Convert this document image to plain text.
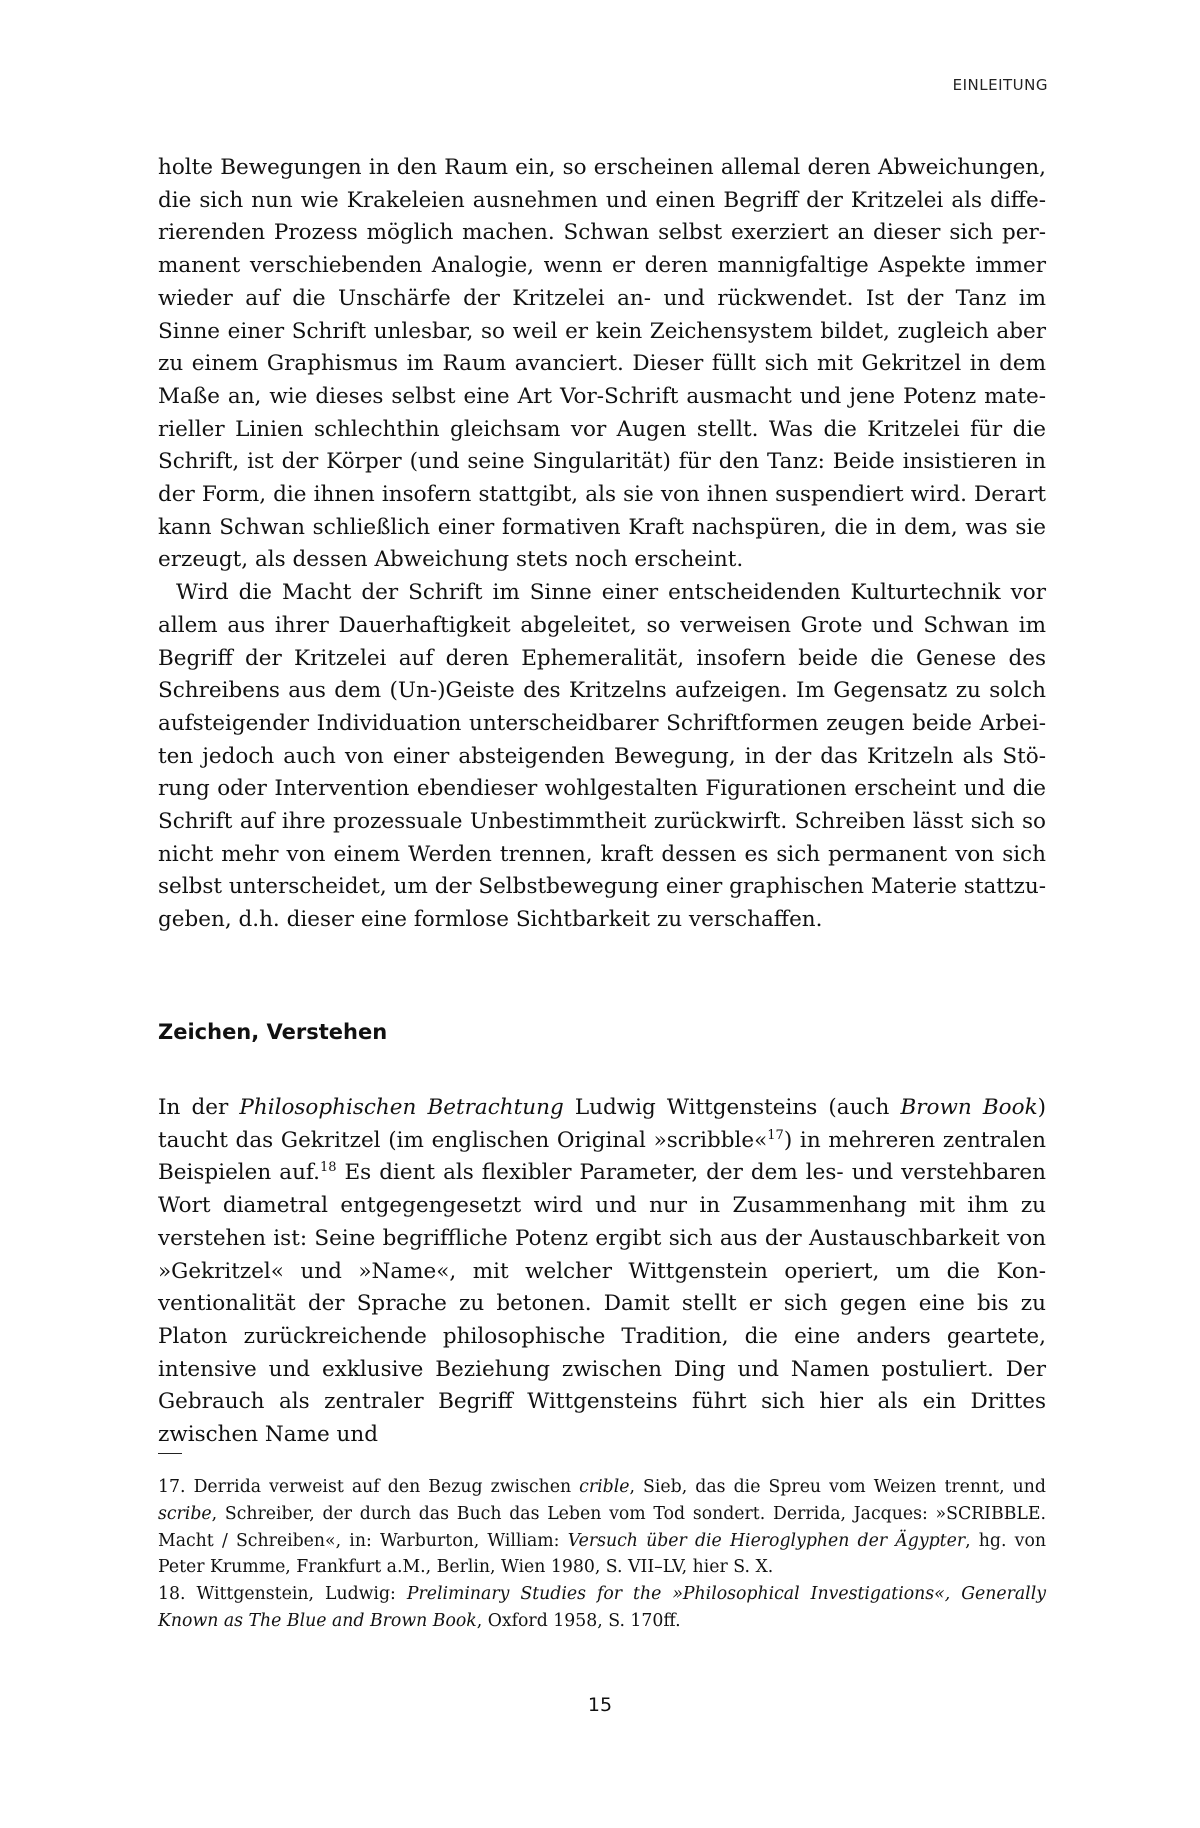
EINLEITUNG

holte Bewegungen in den Raum ein, so erscheinen allemal deren Abweichungen, die sich nun wie Krakeleien ausnehmen und einen Begriff der Kritzelei als differierenden Prozess möglich machen. Schwan selbst exerziert an dieser sich permanent verschiebenden Analogie, wenn er deren mannigfaltige Aspekte immer wieder auf die Unschärfe der Kritzelei an- und rückwendet. Ist der Tanz im Sinne einer Schrift unlesbar, so weil er kein Zeichensystem bildet, zugleich aber zu einem Graphismus im Raum avanciert. Dieser füllt sich mit Gekritzel in dem Maße an, wie dieses selbst eine Art Vor-Schrift ausmacht und jene Potenz materieller Linien schlechthin gleichsam vor Augen stellt. Was die Kritzelei für die Schrift, ist der Körper (und seine Singularität) für den Tanz: Beide insistieren in der Form, die ihnen insofern stattgibt, als sie von ihnen suspendiert wird. Derart kann Schwan schließlich einer formativen Kraft nachspüren, die in dem, was sie erzeugt, als dessen Abweichung stets noch erscheint.

Wird die Macht der Schrift im Sinne einer entscheidenden Kulturtechnik vor allem aus ihrer Dauerhaftigkeit abgeleitet, so verweisen Grote und Schwan im Begriff der Kritzelei auf deren Ephemeralität, insofern beide die Genese des Schreibens aus dem (Un-)Geiste des Kritzelns aufzeigen. Im Gegensatz zu solch aufsteigender Individuation unterscheidbarer Schriftformen zeugen beide Arbeiten jedoch auch von einer absteigenden Bewegung, in der das Kritzeln als Störung oder Intervention ebendieser wohlgestalten Figurationen erscheint und die Schrift auf ihre prozessuale Unbestimmtheit zurückwirft. Schreiben lässt sich so nicht mehr von einem Werden trennen, kraft dessen es sich permanent von sich selbst unterscheidet, um der Selbstbewegung einer graphischen Materie stattzugeben, d.h. dieser eine formlose Sichtbarkeit zu verschaffen.

Zeichen, Verstehen

In der Philosophischen Betrachtung Ludwig Wittgensteins (auch Brown Book) taucht das Gekritzel (im englischen Original »scribble«$^{17}$) in mehreren zentralen Beispielen auf.$^{18}$ Es dient als flexibler Parameter, der dem les- und verstehbaren Wort diametral entgegengesetzt wird und nur in Zusammenhang mit ihm zu verstehen ist: Seine begriffliche Potenz ergibt sich aus der Austauschbarkeit von »Gekritzel« und »Name«, mit welcher Wittgenstein operiert, um die Konventionalität der Sprache zu betonen. Damit stellt er sich gegen eine bis zu Platon zurückreichende philosophische Tradition, die eine anders geartete, intensive und exklusive Beziehung zwischen Ding und Namen postuliert. Der Gebrauch als zentraler Begriff Wittgensteins führt sich hier als ein Drittes zwischen Name und

17. Derrida verweist auf den Bezug zwischen crible, Sieb, das die Spreu vom Weizen trennt, und scribe, Schreiber, der durch das Buch das Leben vom Tod sondert. Derrida, Jacques: »SCRIBBLE. Macht / Schreiben«, in: Warburton, William: Versuch über die Hieroglyphen der Ägypter, hg. von Peter Krumme, Frankfurt a.M., Berlin, Wien 1980, S. VII–LV, hier S. X.

18. Wittgenstein, Ludwig: Preliminary Studies for the »Philosophical Investigations«, Generally Known as The Blue and Brown Book, Oxford 1958, S. 170ff.

15
